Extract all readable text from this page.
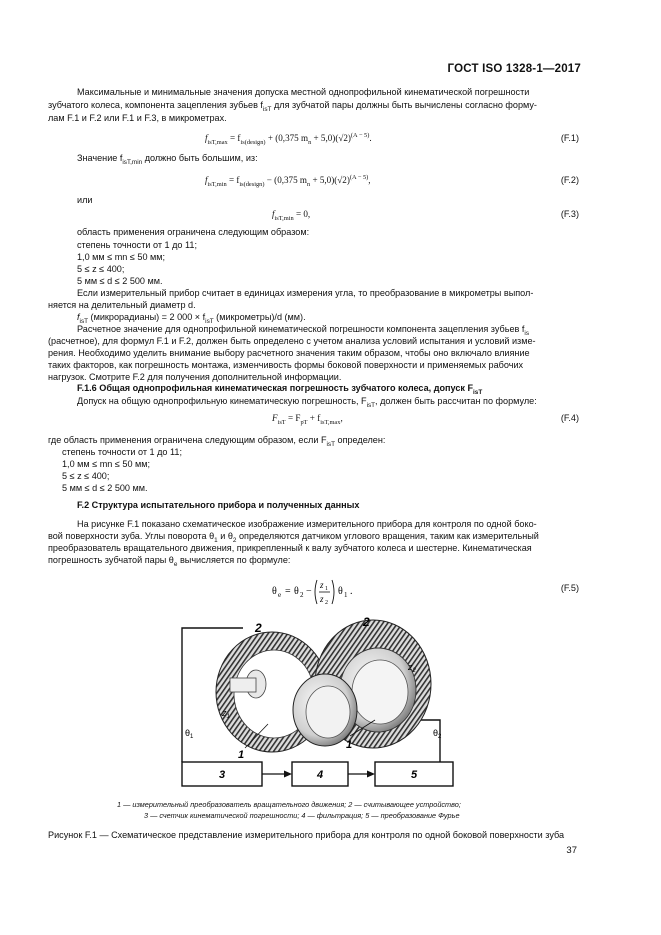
ГОСТ ISO 1328-1—2017
Максимальные и минимальные значения допуска местной однопрофильной кинематической погрешности
зубчатого колеса, компонента зацепления зубьев $f_{isT}$ для зубчатой пары должны быть вычислены согласно форму-
лам F.1 и F.2 или F.1 и F.3, в микрометрах.
$f_{isT,max} = f_{is(design)} + (0,375$ $m_n + 5,0)(√2)^{(A - 5)}$.	(F.1)
Значение $f_{isT,min}$ должно быть большим, из:
$f_{isT,min} = f_{is(design)} - (0,375$ $m_n + 5,0)(√2)^{(A - 5)}$,	(F.2)
или
$f_{isT,min} = 0$,	(F.3)
область применения ограничена следующим образом:
степень точности от 1 до 11;
1,0 мм ≤ mn ≤ 50 мм;
5 ≤ z ≤ 400;
5 мм ≤ d ≤ 2 500 мм.
Если измерительный прибор считает в единицах измерения угла, то преобразование в микрометры выпол-
няется на делительный диаметр d.
$f_{isT}$ (микрорадианы) = 2 $000 \times f_{isT}$ (микрометры)/d (мм).
Расчетное значение для однопрофильной кинематической погрешности компонента зацепления зубьев $f_{is}$
(расчетное), для формул F.1 и F.2, должен быть определено с учетом анализа условий испытания и условий изме-
рения. Необходимо уделить внимание выбору расчетного значения таким образом, чтобы оно включало влияние
таких факторов, как погрешность монтажа, изменчивость формы боковой поверхности и применяемых рабочих
нагрузок. Смотрите F.2 для получения дополнительной информации.
F.1.6 Общая однопрофильная кинематическая погрешность зубчатого колеса, допуск $F_{isT}$
Допуск на общую однопрофильную кинематическую погрешность, $F_{isT}$, должен быть рассчитан по формуле:
$F_{isT} = F_{pT} + f_{isT,max}$,	(F.4)
где область применения ограничена следующим образом, если $F_{isT}$ определен:
степень точности от 1 до 11;
1,0 мм ≤ mn ≤ 50 мм;
5 ≤ z ≤ 400;
5 мм ≤ d ≤ 2 500 мм.
F.2 Структура испытательного прибора и полученных данных
На рисунке F.1 показано схематическое изображение измерительного прибора для контроля по одной боко-
вой поверхности зуба. Углы поворота $\theta_1$ и $\theta_2$ определяются датчиком углового вращения, таким как измерительный
преобразователь вращательного движения, прикрепленный к валу зубчатого колеса и шестерне. Кинематическая
погрешность зубчатой пары $\theta_e$ вычисляется по формуле:
θ e = θ 2 −
z 1
z 2
θ 1 .	(F.5)
2	2
$z_1$
$z_2$
$\theta_1$	$\theta_2$
1
1
3	4	5
1 — измерительный преобразователь вращательного движения; 2 — считывающее устройство;
3 — счетчик кинематической погрешности; 4 — фильтрация; 5 — преобразование Фурье
Рисунок F.1 — Схематическое представление измерительного прибора для контроля по одной боковой поверхности зуба
37
